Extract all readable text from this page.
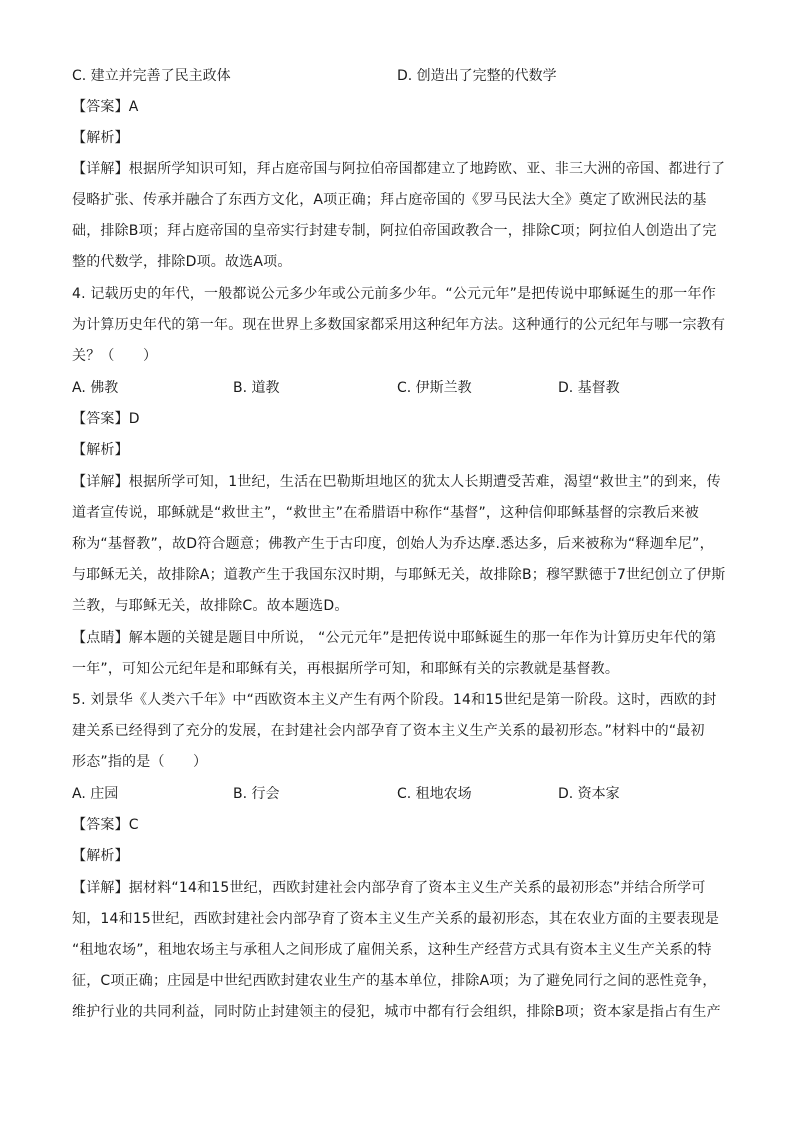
C. 建立并完善了民主政体	D. 创造出了完整的代数学
【答案】A
【解析】
【详解】根据所学知识可知，拜占庭帝国与阿拉伯帝国都建立了地跨欧、亚、非三大洲的帝国、都进行了
侵略扩张、传承并融合了东西方文化，A项正确；拜占庭帝国的《罗马民法大全》奠定了欧洲民法的基
础，排除B项；拜占庭帝国的皇帝实行封建专制，阿拉伯帝国政教合一，排除C项；阿拉伯人创造出了完
整的代数学，排除D项。故选A项。
4. 记载历史的年代，一般都说公元多少年或公元前多少年。“公元元年”是把传说中耶稣诞生的那一年作
为计算历史年代的第一年。现在世界上多数国家都采用这种纪年方法。这种通行的公元纪年与哪一宗教有
关？（　　）
A. 佛教	B. 道教	C. 伊斯兰教	D. 基督教
【答案】D
【解析】
【详解】根据所学可知，1世纪，生活在巴勒斯坦地区的犹太人长期遭受苦难，渴望“救世主”的到来，传
道者宣传说，耶稣就是“救世主”，“救世主”在希腊语中称作“基督”，这种信仰耶稣基督的宗教后来被
称为“基督教”，故D符合题意；佛教产生于古印度，创始人为乔达摩.悉达多，后来被称为“释迦牟尼”，
与耶稣无关，故排除A；道教产生于我国东汉时期，与耶稣无关，故排除B；穆罕默德于7世纪创立了伊斯
兰教，与耶稣无关，故排除C。故本题选D。
【点睛】解本题的关键是题目中所说， “公元元年”是把传说中耶稣诞生的那一年作为计算历史年代的第
一年”，可知公元纪年是和耶稣有关，再根据所学可知，和耶稣有关的宗教就是基督教。
5. 刘景华《人类六千年》中“西欧资本主义产生有两个阶段。14和15世纪是第一阶段。这时，西欧的封
建关系已经得到了充分的发展，在封建社会内部孕育了资本主义生产关系的最初形态。”材料中的“最初
形态”指的是（　　）
A. 庄园	B. 行会	C. 租地农场	D. 资本家
【答案】C
【解析】
【详解】据材料“14和15世纪，西欧封建社会内部孕育了资本主义生产关系的最初形态”并结合所学可
知，14和15世纪，西欧封建社会内部孕育了资本主义生产关系的最初形态，其在农业方面的主要表现是
“租地农场”，租地农场主与承租人之间形成了雇佣关系，这种生产经营方式具有资本主义生产关系的特
征，C项正确；庄园是中世纪西欧封建农业生产的基本单位，排除A项；为了避免同行之间的恶性竞争，
维护行业的共同利益，同时防止封建领主的侵犯，城市中都有行会组织，排除B项；资本家是指占有生产
